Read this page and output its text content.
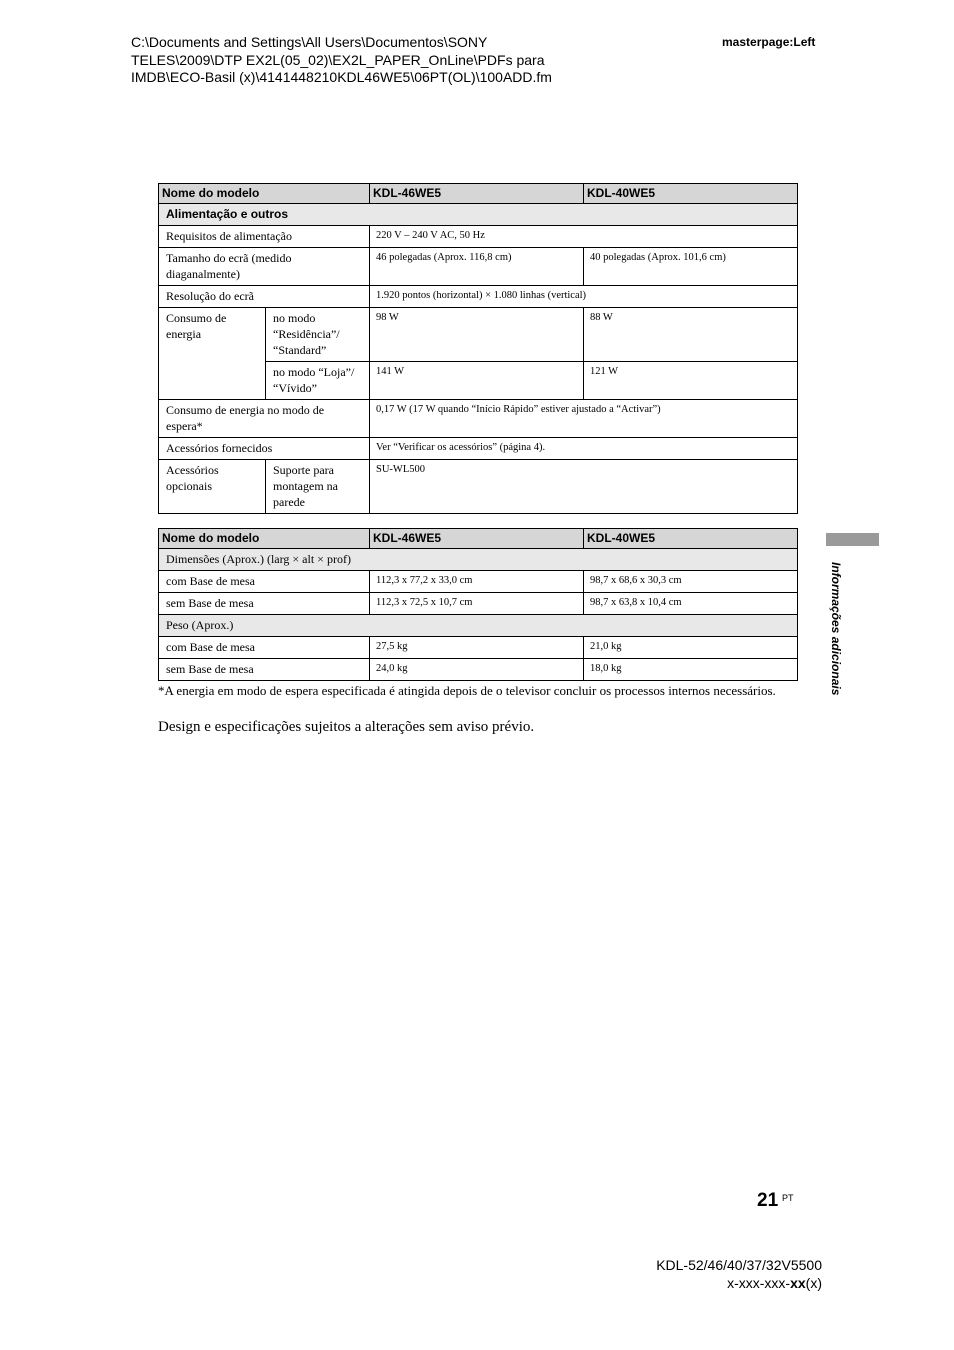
C:\Documents and Settings\All Users\Documentos\SONY
TELES\2009\DTP EX2L(05_02)\EX2L_PAPER_OnLine\PDFs para
IMDB\ECO-Basil (x)\4141448210KDL46WE5\06PT(OL)\100ADD.fm
masterpage:Left
Nome do modelo		KDL-46WE5	KDL-40WE5
Alimentação e outros			
Requisitos de alimentação		220 V – 240 V AC, 50 Hz	
Tamanho do ecrã (medido diaganalmente)		46 polegadas (Aprox. 116,8 cm)	40 polegadas (Aprox. 101,6 cm)
Resolução do ecrã		1.920 pontos (horizontal) × 1.080 linhas (vertical)	
Consumo de energia	no modo “Residência”/ “Standard”	98 W	88 W
	no modo “Loja”/ “Vívido”	141 W	121 W
Consumo de energia no modo de espera*		0,17 W (17 W quando “Início Rápido” estiver ajustado a “Activar”)	
Acessórios fornecidos		Ver “Verificar os acessórios” (página 4).	
Acessórios opcionais	Suporte para montagem na parede	SU-WL500	
Nome do modelo	KDL-46WE5	KDL-40WE5
Dimensões (Aprox.) (larg × alt × prof)		
com Base de mesa	112,3 x 77,2 x 33,0 cm	98,7 x 68,6 x 30,3 cm
sem Base de mesa	112,3 x 72,5 x 10,7 cm	98,7 x 63,8 x 10,4 cm
Peso (Aprox.)		
com Base de mesa	27,5 kg	21,0 kg
sem Base de mesa	24,0 kg	18,0 kg	Informações adicionais
*A energia em modo de espera especificada é atingida depois de o televisor concluir os processos internos necessários.
Design e especificações sujeitos a alterações sem aviso prévio.
21 PT
KDL-52/46/40/37/32V5500
x-xxx-xxx-xx(x)
